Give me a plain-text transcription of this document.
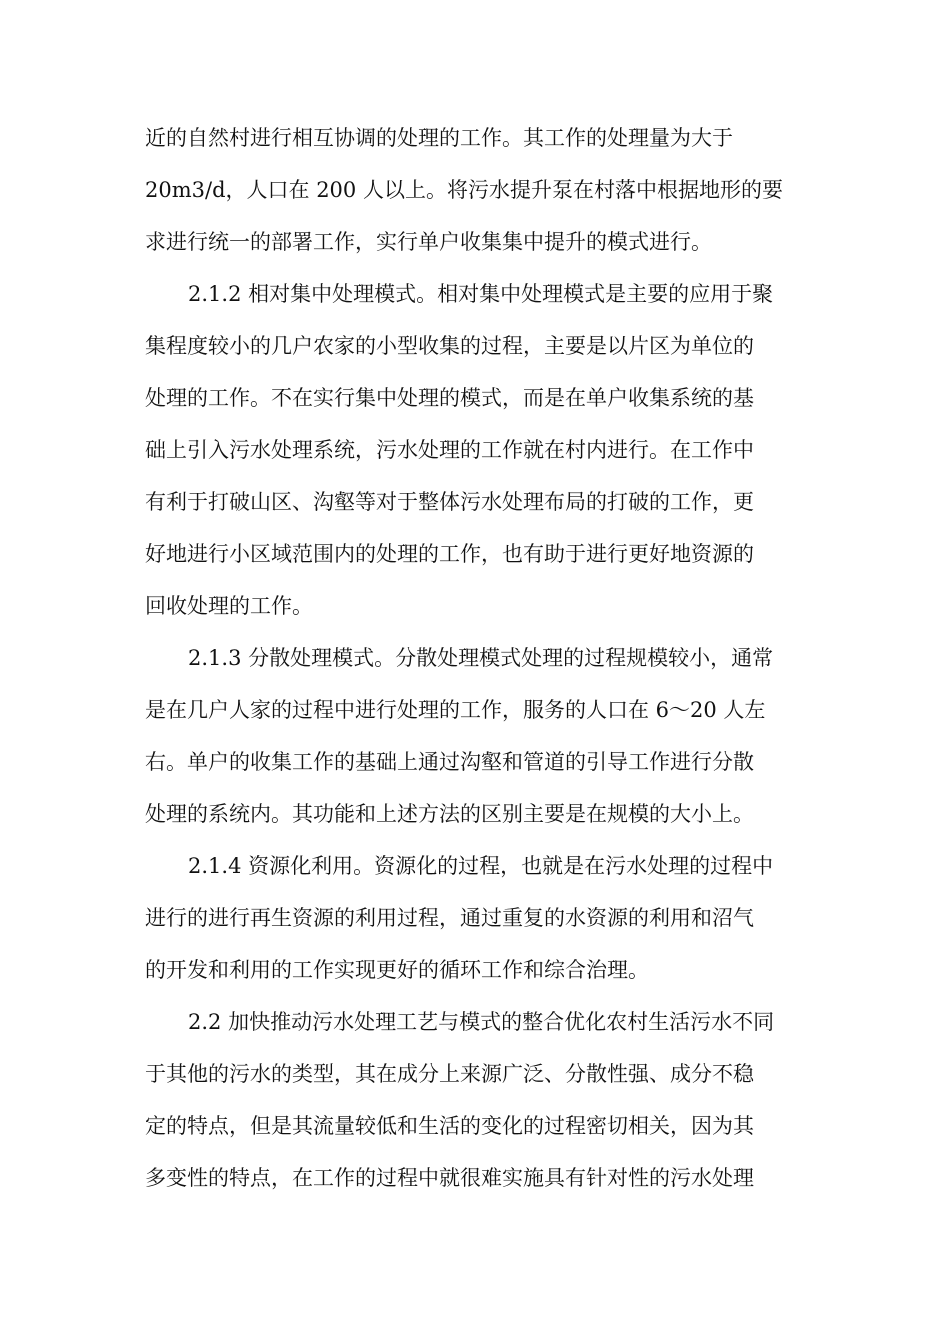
近的自然村进行相互协调的处理的工作。其工作的处理量为大于

20m3/d，人口在 200 人以上。将污水提升泵在村落中根据地形的要

求进行统一的部署工作，实行单户收集集中提升的模式进行。

2.1.2 相对集中处理模式。相对集中处理模式是主要的应用于聚

集程度较小的几户农家的小型收集的过程，主要是以片区为单位的

处理的工作。不在实行集中处理的模式，而是在单户收集系统的基

础上引入污水处理系统，污水处理的工作就在村内进行。在工作中

有利于打破山区、沟壑等对于整体污水处理布局的打破的工作，更

好地进行小区域范围内的处理的工作，也有助于进行更好地资源的

回收处理的工作。

2.1.3 分散处理模式。分散处理模式处理的过程规模较小，通常

是在几户人家的过程中进行处理的工作，服务的人口在 6～20 人左

右。单户的收集工作的基础上通过沟壑和管道的引导工作进行分散

处理的系统内。其功能和上述方法的区别主要是在规模的大小上。

2.1.4 资源化利用。资源化的过程，也就是在污水处理的过程中

进行的进行再生资源的利用过程，通过重复的水资源的利用和沼气

的开发和利用的工作实现更好的循环工作和综合治理。

2.2 加快推动污水处理工艺与模式的整合优化农村生活污水不同

于其他的污水的类型，其在成分上来源广泛、分散性强、成分不稳

定的特点，但是其流量较低和生活的变化的过程密切相关，因为其

多变性的特点，在工作的过程中就很难实施具有针对性的污水处理
